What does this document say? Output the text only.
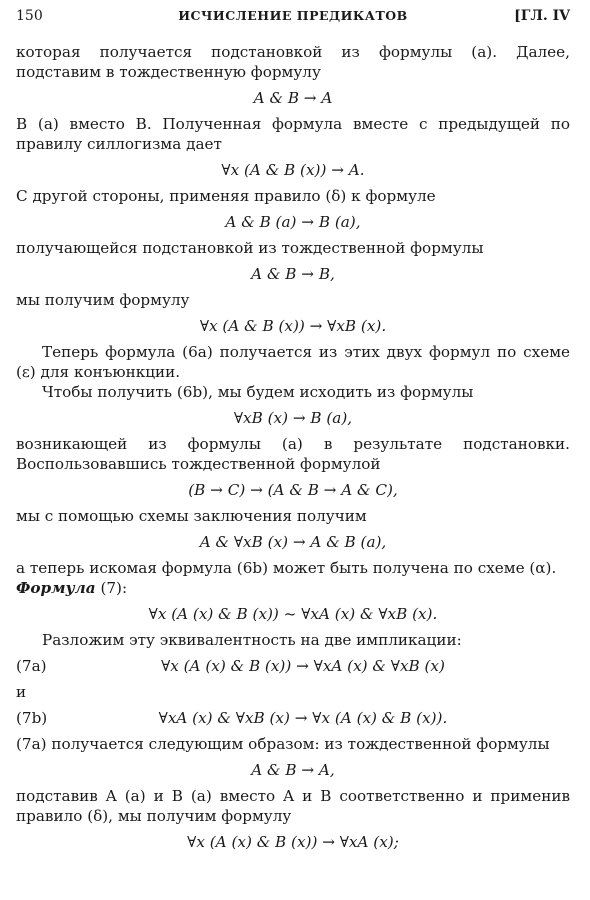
150	ИСЧИСЛЕНИЕ ПРЕДИКАТОВ	[ГЛ. IV

которая получается подстановкой из формулы (a). Далее, подставим в тождественную формулу

A & B → A

B (a) вместо B. Полученная формула вместе с предыдущей по правилу силлогизма дает

∀x (A & B (x)) → A.

С другой стороны, применяя правило (δ) к формуле

A & B (a) → B (a),

получающейся подстановкой из тождественной формулы

A & B → B,

мы получим формулу

∀x (A & B (x)) → ∀xB (x).

Теперь формула (6a) получается из этих двух формул по схеме (ε) для конъюнкции.

Чтобы получить (6b), мы будем исходить из формулы

∀xB (x) → B (a),

возникающей из формулы (a) в результате подстановки. Воспользовавшись тождественной формулой

(B → C) → (A & B → A & C),

мы с помощью схемы заключения получим

A & ∀xB (x) → A & B (a),

а теперь искомая формула (6b) может быть получена по схеме (α).

Формула (7):

∀x (A (x) & B (x)) ~ ∀xA (x) & ∀xB (x).

Разложим эту эквивалентность на две импликации:

(7a)	∀x (A (x) & B (x)) → ∀xA (x) & ∀xB (x)

и

(7b)	∀xA (x) & ∀xB (x) → ∀x (A (x) & B (x)).

(7a) получается следующим образом: из тождественной формулы

A & B → A,

подставив A (a) и B (a) вместо A и B соответственно и применив правило (δ), мы получим формулу

∀x (A (x) & B (x)) → ∀xA (x);
